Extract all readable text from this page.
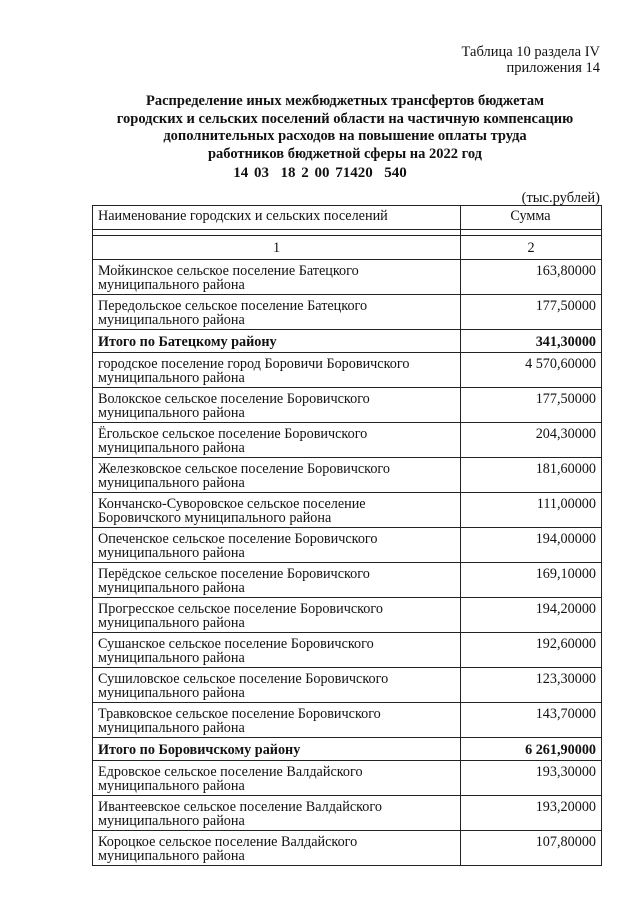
Таблица 10 раздела IV
приложения 14
Распределение иных межбюджетных трансфертов бюджетам
городских и сельских поселений области на частичную компенсацию
дополнительных расходов на повышение оплаты труда
работников бюджетной сферы на 2022 год
14 03  18 2 00 71420  540
(тыс.рублей)
Наименование городских и сельских поселений	Сумма

1	2

Мойкинское сельское поселение Батецкого
муниципального района	163,80000

Передольское сельское поселение Батецкого
муниципального района	177,50000

Итого по Батецкому району	341,30000

городское поселение город Боровичи Боровичского
муниципального района	4 570,60000

Волокское сельское поселение Боровичского
муниципального района	177,50000

Ёгольское сельское поселение Боровичского
муниципального района	204,30000

Железковское сельское поселение Боровичского
муниципального района	181,60000

Кончанско-Суворовское сельское поселение
Боровичского муниципального района	111,00000

Опеченское сельское поселение Боровичского
муниципального района	194,00000

Перёдское сельское поселение Боровичского
муниципального района	169,10000

Прогресское сельское поселение Боровичского
муниципального района	194,20000

Сушанское сельское поселение Боровичского
муниципального района	192,60000

Сушиловское сельское поселение Боровичского
муниципального района	123,30000

Травковское сельское поселение Боровичского
муниципального района	143,70000

Итого по Боровичскому району	6 261,90000

Едровское сельское поселение Валдайского
муниципального района	193,30000

Ивантеевское сельское поселение Валдайского
муниципального района	193,20000

Короцкое сельское поселение Валдайского
муниципального района	107,80000
